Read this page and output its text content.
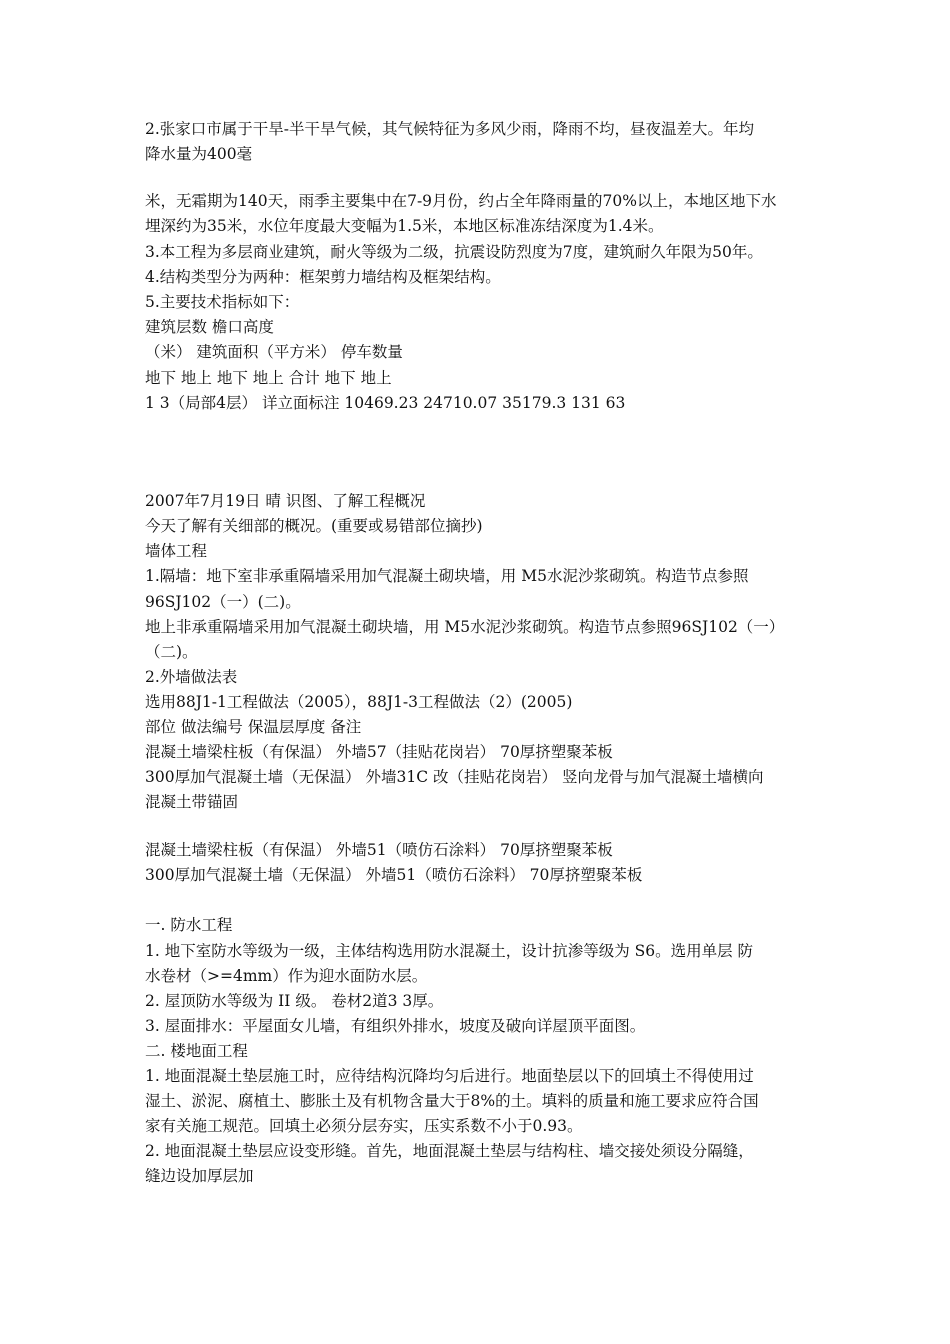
2.张家口市属于干旱-半干旱气候，其气候特征为多风少雨，降雨不均，昼夜温差大。年均
降水量为400毫
米，无霜期为140天，雨季主要集中在7-9月份，约占全年降雨量的70%以上，本地区地下水
埋深约为35米，水位年度最大变幅为1.5米，本地区标准冻结深度为1.4米。
3.本工程为多层商业建筑，耐火等级为二级，抗震设防烈度为7度，建筑耐久年限为50年。
4.结构类型分为两种：框架剪力墙结构及框架结构。
5.主要技术指标如下：
建筑层数 檐口高度
（米） 建筑面积（平方米） 停车数量
地下 地上 地下 地上 合计 地下 地上
1 3（局部4层） 详立面标注 10469.23 24710.07 35179.3 131 63
2007年7月19日 晴 识图、了解工程概况
今天了解有关细部的概况。(重要或易错部位摘抄)
墙体工程
1.隔墙：地下室非承重隔墙采用加气混凝土砌块墙，用 M5水泥沙浆砌筑。构造节点参照
96SJ102（一）(二)。
地上非承重隔墙采用加气混凝土砌块墙，用 M5水泥沙浆砌筑。构造节点参照96SJ102（一）
（二)。
2.外墙做法表
选用88J1-1工程做法（2005），88J1-3工程做法（2）(2005)
部位 做法编号 保温层厚度 备注
混凝土墙梁柱板（有保温） 外墙57（挂贴花岗岩） 70厚挤塑聚苯板
300厚加气混凝土墙（无保温） 外墙31C 改（挂贴花岗岩） 竖向龙骨与加气混凝土墙横向
混凝土带锚固
混凝土墙梁柱板（有保温） 外墙51（喷仿石涂料） 70厚挤塑聚苯板
300厚加气混凝土墙（无保温） 外墙51（喷仿石涂料） 70厚挤塑聚苯板
一. 防水工程
1. 地下室防水等级为一级，主体结构选用防水混凝土，设计抗渗等级为 S6。选用单层 防
水卷材（>=4mm）作为迎水面防水层。
2. 屋顶防水等级为 II 级。 卷材2道3 3厚。
3. 屋面排水：平屋面女儿墙，有组织外排水，坡度及破向详屋顶平面图。
二. 楼地面工程
1. 地面混凝土垫层施工时，应待结构沉降均匀后进行。地面垫层以下的回填土不得使用过
湿土、淤泥、腐植土、膨胀土及有机物含量大于8%的土。填料的质量和施工要求应符合国
家有关施工规范。回填土必须分层夯实，压实系数不小于0.93。
2. 地面混凝土垫层应设变形缝。首先，地面混凝土垫层与结构柱、墙交接处须设分隔缝，
缝边设加厚层加
